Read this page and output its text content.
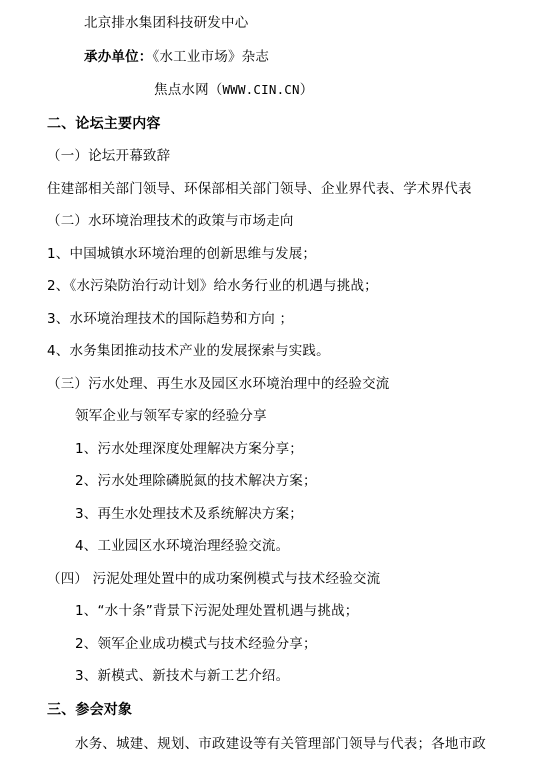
北京排水集团科技研发中心
承办单位：《水工业市场》杂志
焦点水网（WWW.CIN.CN）
二、论坛主要内容
（一）论坛开幕致辞
住建部相关部门领导、环保部相关部门领导、企业界代表、学术界代表
（二）水环境治理技术的政策与市场走向
1、中国城镇水环境治理的创新思维与发展；
2、《水污染防治行动计划》给水务行业的机遇与挑战；
3、水环境治理技术的国际趋势和方向 ；
4、水务集团推动技术产业的发展探索与实践。
（三）污水处理、再生水及园区水环境治理中的经验交流
领军企业与领军专家的经验分享
1、污水处理深度处理解决方案分享；
2、污水处理除磷脱氮的技术解决方案；
3、再生水处理技术及系统解决方案；
4、工业园区水环境治理经验交流。
（四） 污泥处理处置中的成功案例模式与技术经验交流
1、“水十条”背景下污泥处理处置机遇与挑战；
2、领军企业成功模式与技术经验分享；
3、新模式、新技术与新工艺介绍。
三、参会对象
水务、城建、规划、市政建设等有关管理部门领导与代表；各地市政
